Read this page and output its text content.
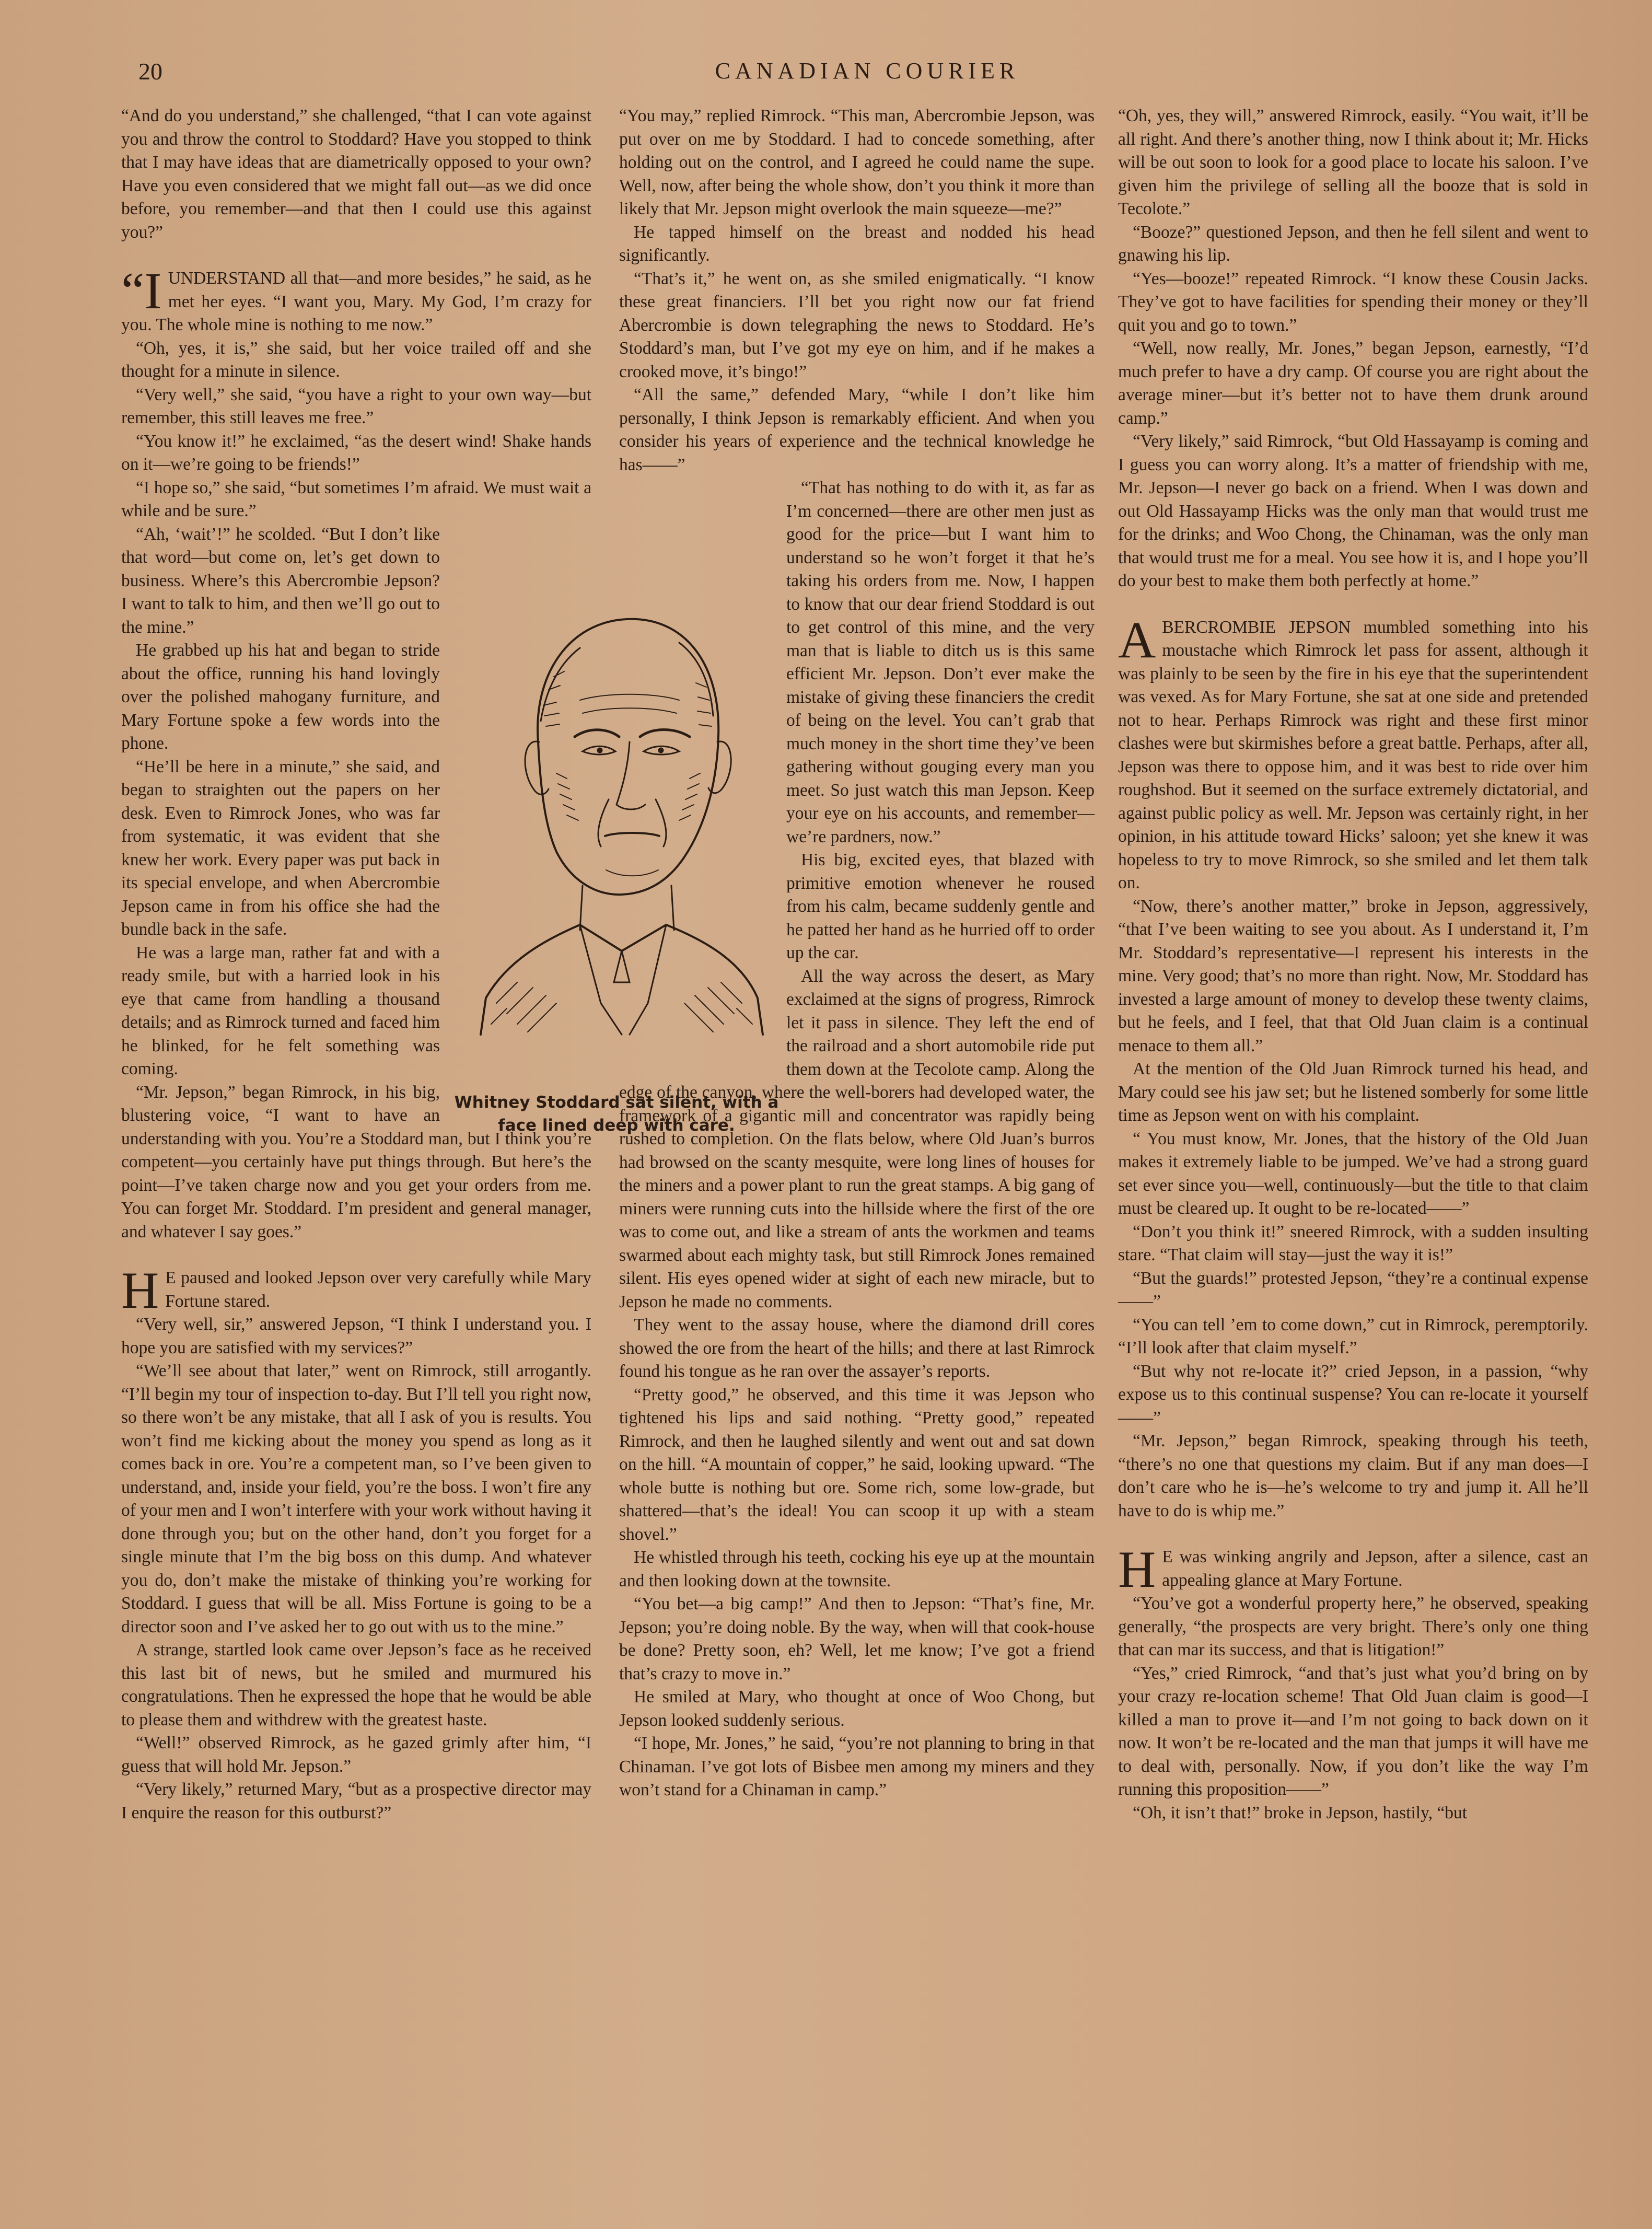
20	CANADIAN COURIER

“And do you understand,” she challenged, “that I can vote against you and throw the control to Stoddard? Have you stopped to think that I may have ideas that are diametrically opposed to your own? Have you even considered that we might fall out—as we did once before, you remember—and that then I could use this against you?”

“IUNDERSTAND all that—and more besides,” he said, as he met her eyes. “I want you, Mary. My God, I’m crazy for you. The whole mine is nothing to me now.”

“Oh, yes, it is,” she said, but her voice trailed off and she thought for a minute in silence.

“Very well,” she said, “you have a right to your own way—but remember, this still leaves me free.”

“You know it!” he exclaimed, “as the desert wind! Shake hands on it—we’re going to be friends!”

“I hope so,” she said, “but sometimes I’m afraid. We must wait a while and be sure.”

“Ah, ‘wait’!” he scolded. “But I don’t like that word—but come on, let’s get down to business. Where’s this Abercrombie Jepson? I want to talk to him, and then we’ll go out to the mine.”

He grabbed up his hat and began to stride about the office, running his hand lovingly over the polished mahogany furniture, and Mary Fortune spoke a few words into the phone.

“He’ll be here in a minute,” she said, and began to straighten out the papers on her desk. Even to Rimrock Jones, who was far from systematic, it was evident that she knew her work. Every paper was put back in its special envelope, and when Abercrombie Jepson came in from his office she had the bundle back in the safe.

He was a large man, rather fat and with a ready smile, but with a harried look in his eye that came from handling a thousand details; and as Rimrock turned and faced him he blinked, for he felt something was coming.

“Mr. Jepson,” began Rimrock, in his big, blustering voice, “I want to have an understanding with you. You’re a Stoddard man, but I think you’re competent—you certainly have put things through. But here’s the point—I’ve taken charge now and you get your orders from me. You can forget Mr. Stoddard. I’m president and general manager, and whatever I say goes.”

H E paused and looked Jepson over very carefully while Mary Fortune stared.

“Very well, sir,” answered Jepson, “I think I understand you. I hope you are satisfied with my services?”

“We’ll see about that later,” went on Rimrock, still arrogantly. “I’ll begin my tour of inspection to-day. But I’ll tell you right now, so there won’t be any mistake, that all I ask of you is results. You won’t find me kicking about the money you spend as long as it comes back in ore. You’re a competent man, so I’ve been given to understand, and, inside your field, you’re the boss. I won’t fire any of your men and I won’t interfere with your work without having it done through you; but on the other hand, don’t you forget for a single minute that I’m the big boss on this dump. And whatever you do, don’t make the mistake of thinking you’re working for Stoddard. I guess that will be all. Miss Fortune is going to be a director soon and I’ve asked her to go out with us to the mine.”

A strange, startled look came over Jepson’s face as he received this last bit of news, but he smiled and murmured his congratulations. Then he expressed the hope that he would be able to please them and withdrew with the greatest haste.

“Well!” observed Rimrock, as he gazed grimly after him, “I guess that will hold Mr. Jepson.”

“Very likely,” returned Mary, “but as a prospective director may I enquire the reason for this outburst?”

“You may,” replied Rimrock. “This man, Abercrombie Jepson, was put over on me by Stoddard. I had to concede something, after holding out on the control, and I agreed he could name the supe. Well, now, after being the whole show, don’t you think it more than likely that Mr. Jepson might overlook the main squeeze—me?”

He tapped himself on the breast and nodded his head significantly.

“That’s it,” he went on, as she smiled enigmatically. “I know these great financiers. I’ll bet you right now our fat friend Abercrombie is down telegraphing the news to Stoddard. He’s Stoddard’s man, but I’ve got my eye on him, and if he makes a crooked move, it’s bingo!”

“All the same,” defended Mary, “while I don’t like him personally, I think Jepson is remarkably efficient. And when you consider his years of experience and the technical knowledge he has——”

“That has nothing to do with it, as far as I’m concerned—there are other men just as good for the price—but I want him to understand so he won’t forget it that he’s taking his orders from me. Now, I happen to know that our dear friend Stoddard is out to get control of this mine, and the very man that is liable to ditch us is this same efficient Mr. Jepson. Don’t ever make the mistake of giving these financiers the credit of being on the level. You can’t grab that much money in the short time they’ve been gathering without gouging every man you meet. So just watch this man Jepson. Keep your eye on his accounts, and remember—we’re pardners, now.”

His big, excited eyes, that blazed with primitive emotion whenever he roused from his calm, became suddenly gentle and he patted her hand as he hurried off to order up the car.

All the way across the desert, as Mary exclaimed at the signs of progress, Rimrock let it pass in silence. They left the end of the railroad and a short automobile ride put them down at the Tecolote camp. Along the edge of the canyon, where the well-borers had developed water, the framework of a gigantic mill and concentrator was rapidly being rushed to completion. On the flats below, where Old Juan’s burros had browsed on the scanty mesquite, were long lines of houses for the miners and a power plant to run the great stamps. A big gang of miners were running cuts into the hillside where the first of the ore was to come out, and like a stream of ants the workmen and teams swarmed about each mighty task, but still Rimrock Jones remained silent. His eyes opened wider at sight of each new miracle, but to Jepson he made no comments.

They went to the assay house, where the diamond drill cores showed the ore from the heart of the hills; and there at last Rimrock found his tongue as he ran over the assayer’s reports.

“Pretty good,” he observed, and this time it was Jepson who tightened his lips and said nothing. “Pretty good,” repeated Rimrock, and then he laughed silently and went out and sat down on the hill. “A mountain of copper,” he said, looking upward. “The whole butte is nothing but ore. Some rich, some low-grade, but shattered—that’s the ideal! You can scoop it up with a steam shovel.”

He whistled through his teeth, cocking his eye up at the mountain and then looking down at the townsite.

“You bet—a big camp!” And then to Jepson: “That’s fine, Mr. Jepson; you’re doing noble. By the way, when will that cook-house be done? Pretty soon, eh? Well, let me know; I’ve got a friend that’s crazy to move in.”

He smiled at Mary, who thought at once of Woo Chong, but Jepson looked suddenly serious.

“I hope, Mr. Jones,” he said, “you’re not planning to bring in that Chinaman. I’ve got lots of Bisbee men among my miners and they won’t stand for a Chinaman in camp.”

“Oh, yes, they will,” answered Rimrock, easily. “You wait, it’ll be all right. And there’s another thing, now I think about it; Mr. Hicks will be out soon to look for a good place to locate his saloon. I’ve given him the privilege of selling all the booze that is sold in Tecolote.”

“Booze?” questioned Jepson, and then he fell silent and went to gnawing his lip.

“Yes—booze!” repeated Rimrock. “I know these Cousin Jacks. They’ve got to have facilities for spending their money or they’ll quit you and go to town.”

“Well, now really, Mr. Jones,” began Jepson, earnestly, “I’d much prefer to have a dry camp. Of course you are right about the average miner—but it’s better not to have them drunk around camp.”

“Very likely,” said Rimrock, “but Old Hassayamp is coming and I guess you can worry along. It’s a matter of friendship with me, Mr. Jepson—I never go back on a friend. When I was down and out Old Hassayamp Hicks was the only man that would trust me for the drinks; and Woo Chong, the Chinaman, was the only man that would trust me for a meal. You see how it is, and I hope you’ll do your best to make them both perfectly at home.”

ABERCROMBIE JEPSON mumbled something into his moustache which Rimrock let pass for assent, although it was plainly to be seen by the fire in his eye that the superintendent was vexed. As for Mary Fortune, she sat at one side and pretended not to hear. Perhaps Rimrock was right and these first minor clashes were but skirmishes before a great battle. Perhaps, after all, Jepson was there to oppose him, and it was best to ride over him roughshod. But it seemed on the surface extremely dictatorial, and against public policy as well. Mr. Jepson was certainly right, in her opinion, in his attitude toward Hicks’ saloon; yet she knew it was hopeless to try to move Rimrock, so she smiled and let them talk on.

“Now, there’s another matter,” broke in Jepson, aggressively, “that I’ve been waiting to see you about. As I understand it, I’m Mr. Stoddard’s representative—I represent his interests in the mine. Very good; that’s no more than right. Now, Mr. Stoddard has invested a large amount of money to develop these twenty claims, but he feels, and I feel, that that Old Juan claim is a continual menace to them all.”

At the mention of the Old Juan Rimrock turned his head, and Mary could see his jaw set; but he listened somberly for some little time as Jepson went on with his complaint.

“ You must know, Mr. Jones, that the history of the Old Juan makes it extremely liable to be jumped. We’ve had a strong guard set ever since you—well, continuously—but the title to that claim must be cleared up. It ought to be re-located——”

“Don’t you think it!” sneered Rimrock, with a sudden insulting stare. “That claim will stay—just the way it is!”

“But the guards!” protested Jepson, “they’re a continual expense——”

“You can tell ’em to come down,” cut in Rimrock, peremptorily. “I’ll look after that claim myself.”

“But why not re-locate it?” cried Jepson, in a passion, “why expose us to this continual suspense? You can re-locate it yourself——”

“Mr. Jepson,” began Rimrock, speaking through his teeth, “there’s no one that questions my claim. But if any man does—I don’t care who he is—he’s welcome to try and jump it. All he’ll have to do is whip me.”

H E was winking angrily and Jepson, after a silence, cast an appealing glance at Mary Fortune.

“You’ve got a wonderful property here,” he observed, speaking generally, “the prospects are very bright. There’s only one thing that can mar its success, and that is litigation!”

“Yes,” cried Rimrock, “and that’s just what you’d bring on by your crazy re-location scheme! That Old Juan claim is good—I killed a man to prove it—and I’m not going to back down on it now. It won’t be re-located and the man that jumps it will have me to deal with, personally. Now, if you don’t like the way I’m running this proposition——”

“Oh, it isn’t that!” broke in Jepson, hastily, “but

Whitney Stoddard sat silent, with a face lined deep with care.
